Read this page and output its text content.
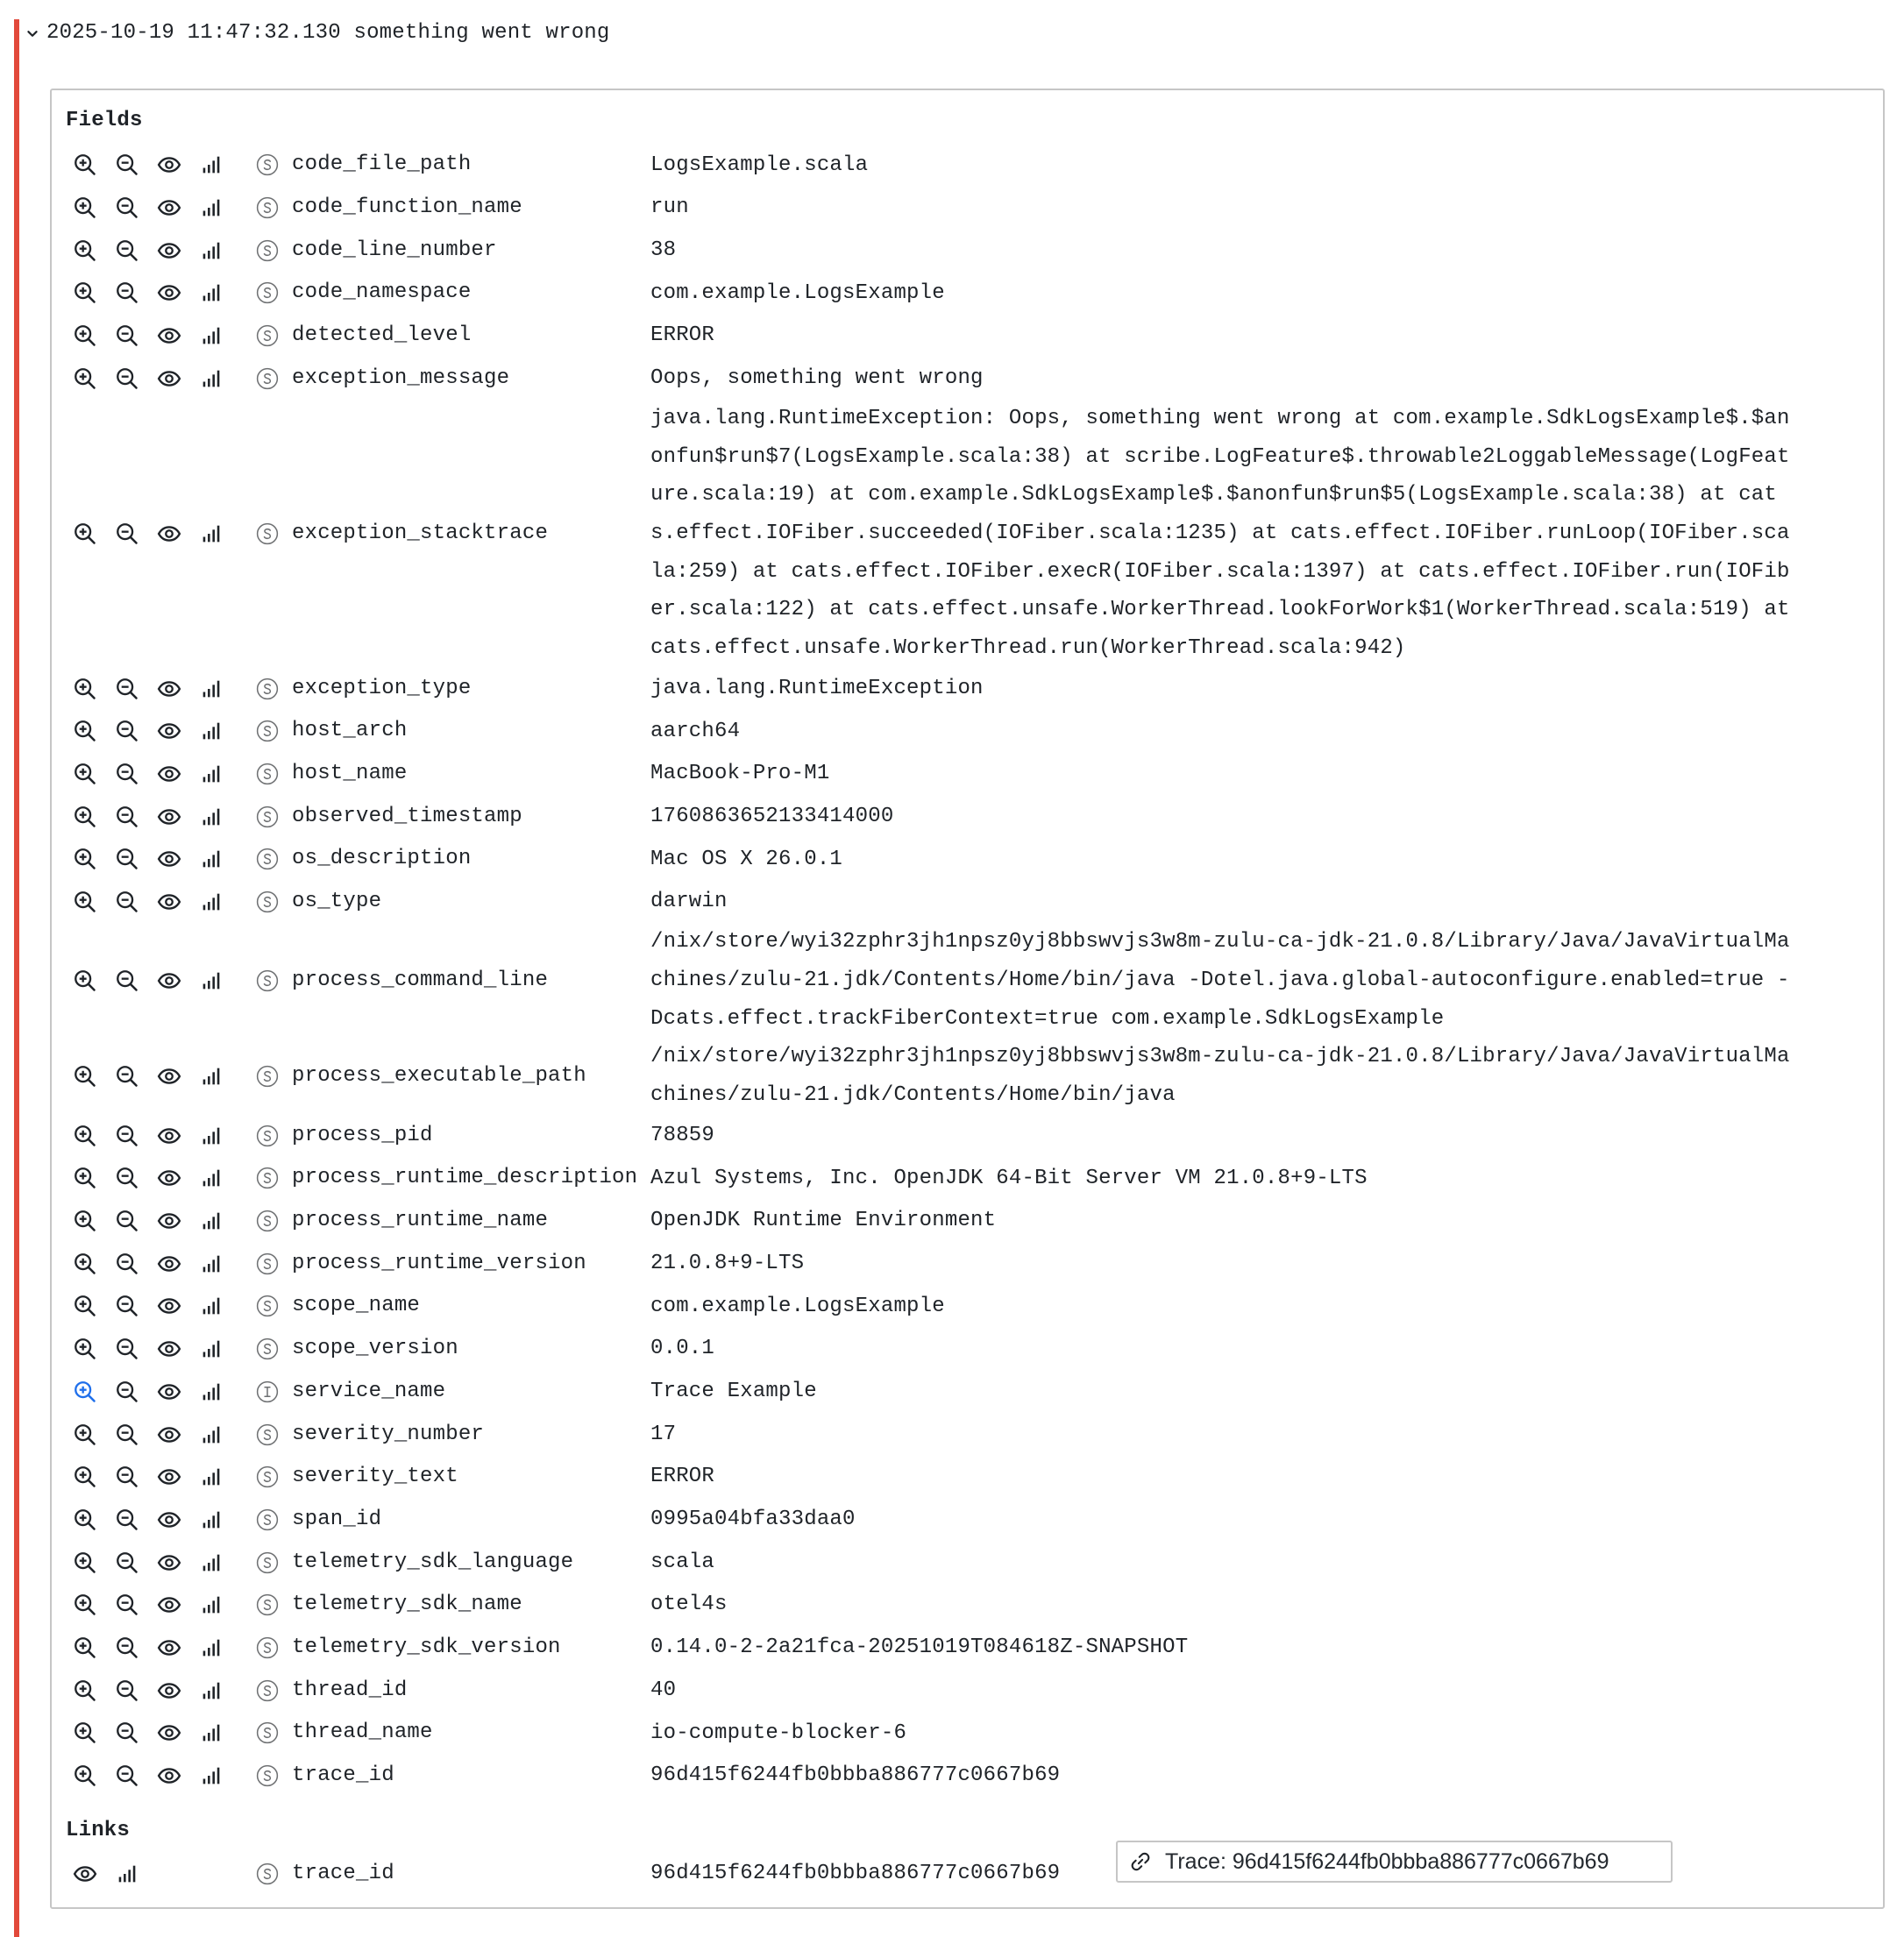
2025-10-19 11:47:32.130
something went wrong
Fields
code_file_path	LogsExample.scala
code_function_name	run
code_line_number	38
code_namespace	com.example.LogsExample
detected_level	ERROR
exception_message	Oops, something went wrong
exception_stacktrace
java.lang.RuntimeException: Oops, something went wrong at com.example.SdkLogsExample$.$anonfun$run$7(LogsExample.scala:38) at scribe.LogFeature$.throwable2LoggableMessage(LogFeature.scala:19) at com.example.SdkLogsExample$.$anonfun$run$5(LogsExample.scala:38) at cats.effect.IOFiber.succeeded(IOFiber.scala:1235) at cats.effect.IOFiber.runLoop(IOFiber.scala:259) at cats.effect.IOFiber.execR(IOFiber.scala:1397) at cats.effect.IOFiber.run(IOFiber.scala:122) at cats.effect.unsafe.WorkerThread.lookForWork$1(WorkerThread.scala:519) at cats.effect.unsafe.WorkerThread.run(WorkerThread.scala:942)
exception_type	java.lang.RuntimeException
host_arch	aarch64
host_name	MacBook-Pro-M1
observed_timestamp	1760863652133414000
os_description	Mac OS X 26.0.1
os_type	darwin
process_command_line
/nix/store/wyi32zphr3jh1npsz0yj8bbswvjs3w8m-zulu-ca-jdk-21.0.8/Library/Java/JavaVirtualMachines/zulu-21.jdk/Contents/Home/bin/java -Dotel.java.global-autoconfigure.enabled=true -Dcats.effect.trackFiberContext=true com.example.SdkLogsExample
process_executable_path
/nix/store/wyi32zphr3jh1npsz0yj8bbswvjs3w8m-zulu-ca-jdk-21.0.8/Library/Java/JavaVirtualMachines/zulu-21.jdk/Contents/Home/bin/java
process_pid	78859
process_runtime_description Azul Systems, Inc. OpenJDK 64-Bit Server VM 21.0.8+9-LTS
process_runtime_name	OpenJDK Runtime Environment
process_runtime_version	21.0.8+9-LTS
scope_name	com.example.LogsExample
scope_version	0.0.1
service_name	Trace Example
severity_number	17
severity_text	ERROR
span_id	0995a04bfa33daa0
telemetry_sdk_language	scala
telemetry_sdk_name	otel4s
telemetry_sdk_version	0.14.0-2-2a21fca-20251019T084618Z-SNAPSHOT
thread_id	40
thread_name	io-compute-blocker-6
trace_id	96d415f6244fb0bbba886777c0667b69
Links
trace_id	96d415f6244fb0bbba886777c0667b69
Trace: 96d415f6244fb0bbba886777c0667b69
